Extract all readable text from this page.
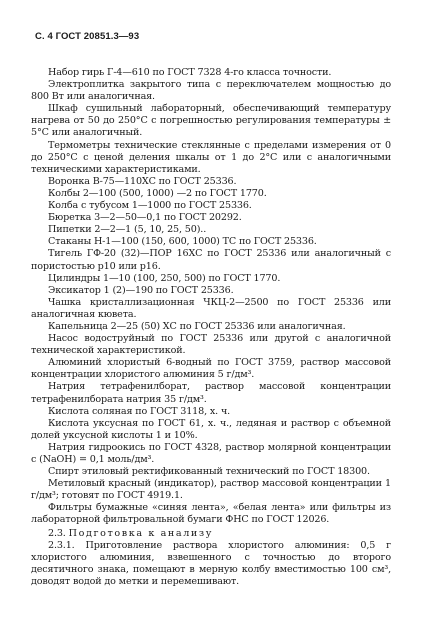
С. 4 ГОСТ 20851.3—93

Набор гирь Г-4—610 по ГОСТ 7328 4-го класса точности.

Электроплитка закрытого типа с переключателем мощностью до 800 Вт или аналогичная.

Шкаф сушильный лабораторный, обеспечивающий температуру нагрева от 50 до 250°С с погрешностью регулирования температуры ± 5°С или аналогичный.

Термометры технические стеклянные с пределами измерения от 0 до 250°С с ценой деления шкалы от 1 до 2°С или с аналогичными техническими характеристиками.

Воронка В-75—110ХС по ГОСТ 25336.

Колбы 2—100 (500, 1000) —2 по ГОСТ 1770.

Колба с тубусом 1—1000 по ГОСТ 25336.

Бюретка 3—2—50—0,1 по ГОСТ 20292.

Пипетки 2—2—1 (5, 10, 25, 50)..

Стаканы Н-1—100 (150, 600, 1000) ТС по ГОСТ 25336.

Тигель ГФ-20 (32)—ПОР 16ХС по ГОСТ 25336 или аналогичный с пористостью р10 или р16.

Цилиндры 1—10 (100, 250, 500) по ГОСТ 1770.

Эксикатор 1 (2)—190 по ГОСТ 25336.

Чашка кристаллизационная ЧКЦ-2—2500 по ГОСТ 25336 или аналогичная кювета.

Капельница 2—25 (50) ХС по ГОСТ 25336 или аналогичная.

Насос водоструйный по ГОСТ 25336 или другой с аналогичной технической характеристикой.

Алюминий хлористый 6-водный по ГОСТ 3759, раствор массовой концентрации хлористого алюминия 5 г/дм³.

Натрия тетрафенилборат, раствор массовой концентрации тетрафенилбората натрия 35 г/дм³.

Кислота соляная по ГОСТ 3118, х. ч.

Кислота уксусная по ГОСТ 61, х. ч., ледяная и раствор с объемной долей уксусной кислоты 1 и 10%.

Натрия гидроокись по ГОСТ 4328, раствор молярной концентрации с (NaOH) = 0,1 моль/дм³.

Спирт этиловый ректификованный технический по ГОСТ 18300.

Метиловый красный (индикатор), раствор массовой концентрации 1 г/дм³; готовят по ГОСТ 4919.1.

Фильтры бумажные «синяя лента», «белая лента» или фильтры из лабораторной фильтровальной бумаги ФНС по ГОСТ 12026.

2.3. Подготовка к анализу

2.3.1. Приготовление раствора хлористого алюминия: 0,5 г хлористого алюминия, взвешенного с точностью до второго десятичного знака, помещают в мерную колбу вместимостью 100 см³, доводят водой до метки и перемешивают.
